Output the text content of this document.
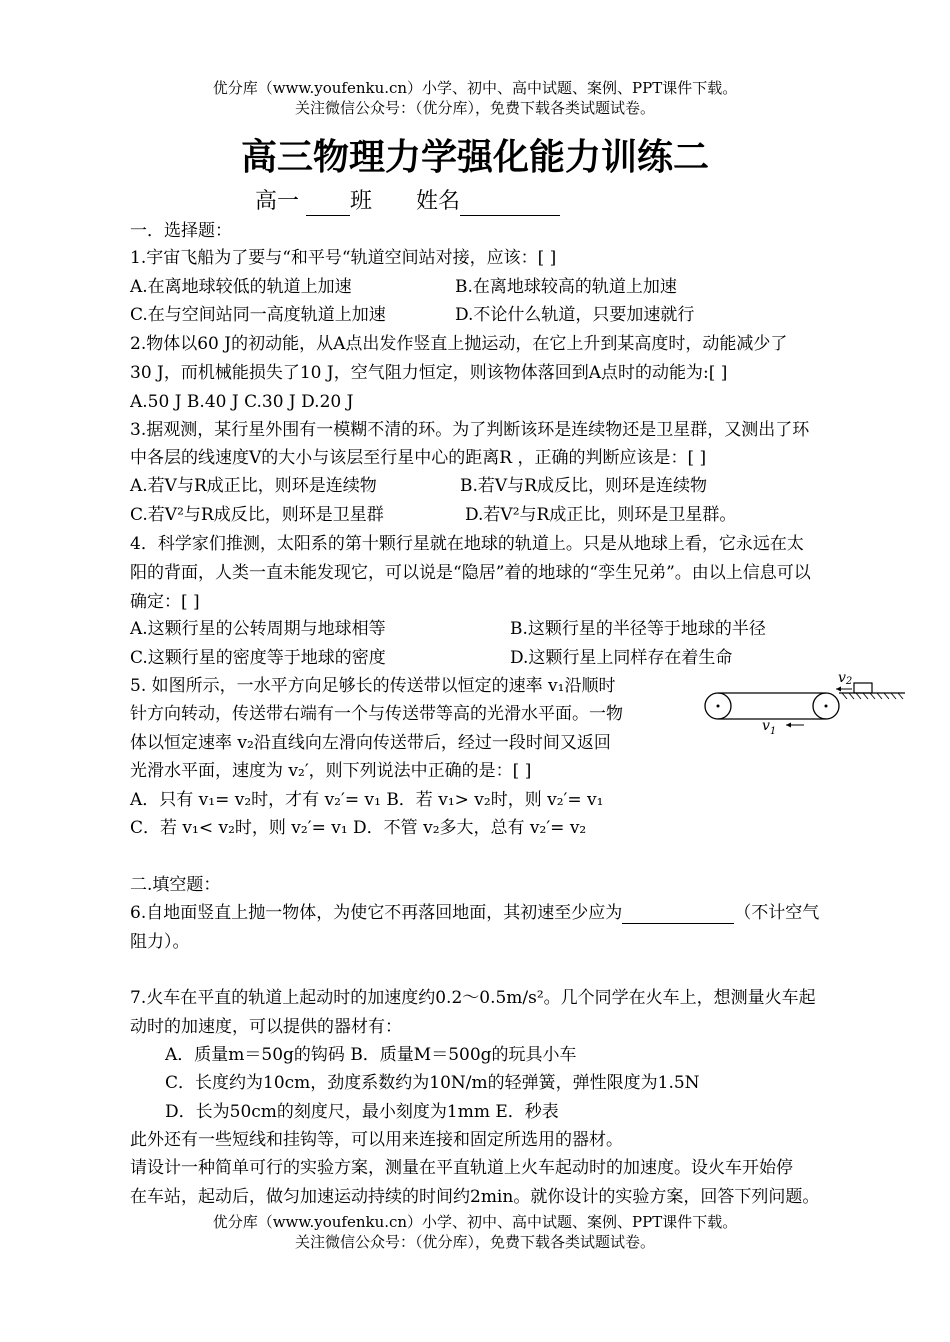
优分库（www.youfenku.cn）小学、初中、高中试题、案例、PPT课件下载。
关注微信公众号：（优分库），免费下载各类试题试卷。
高三物理力学强化能力训练二
高一 班 姓名
一．选择题：
1.宇宙飞船为了要与“和平号“轨道空间站对接，应该：[ ]
A.在离地球较低的轨道上加速	B.在离地球较高的轨道上加速
C.在与空间站同一高度轨道上加速	D.不论什么轨道，只要加速就行
2.物体以60 J的初动能，从A点出发作竖直上抛运动，在它上升到某高度时，动能减少了
30 J，而机械能损失了10 J，空气阻力恒定，则该物体落回到A点时的动能为:[ ]
A.50 J B.40 J C.30 J D.20 J
3.据观测，某行星外围有一模糊不清的环。为了判断该环是连续物还是卫星群，又测出了环
中各层的线速度V的大小与该层至行星中心的距离R ，正确的判断应该是：[ ]
A.若V与R成正比，则环是连续物	B.若V与R成反比，则环是连续物
C.若V²与R成反比，则环是卫星群	D.若V²与R成正比，则环是卫星群。
4．科学家们推测，太阳系的第十颗行星就在地球的轨道上。只是从地球上看，它永远在太
阳的背面，人类一直未能发现它，可以说是“隐居”着的地球的“孪生兄弟”。由以上信息可以
确定：[ ]
A.这颗行星的公转周期与地球相等	B.这颗行星的半径等于地球的半径
C.这颗行星的密度等于地球的密度	D.这颗行星上同样存在着生命
5. 如图所示，一水平方向足够长的传送带以恒定的速率 v₁沿顺时
针方向转动，传送带右端有一个与传送带等高的光滑水平面。一物
体以恒定速率 v₂沿直线向左滑向传送带后，经过一段时间又返回
光滑水平面，速度为 v₂′，则下列说法中正确的是：[ ]
A．只有 v₁= v₂时，才有 v₂′= v₁ B．若 v₁> v₂时，则 v₂′= v₁
C．若 v₁< v₂时，则 v₂′= v₁ D．不管 v₂多大，总有 v₂′= v₂
v2
$v_1$
二.填空题：
6.自地面竖直上抛一物体，为使它不再落回地面，其初速至少应为	（不计空气
阻力）。
7.火车在平直的轨道上起动时的加速度约0.2～0.5m/s²。几个同学在火车上，想测量火车起
动时的加速度，可以提供的器材有：
A．质量m＝50g的钩码 B．质量M＝500g的玩具小车
C．长度约为10cm，劲度系数约为10N/m的轻弹簧，弹性限度为1.5N
D．长为50cm的刻度尺，最小刻度为1mm E．秒表
此外还有一些短线和挂钩等，可以用来连接和固定所选用的器材。
请设计一种简单可行的实验方案，测量在平直轨道上火车起动时的加速度。设火车开始停
在车站，起动后，做匀加速运动持续的时间约2min。就你设计的实验方案，回答下列问题。
优分库（www.youfenku.cn）小学、初中、高中试题、案例、PPT课件下载。
关注微信公众号：（优分库），免费下载各类试题试卷。
